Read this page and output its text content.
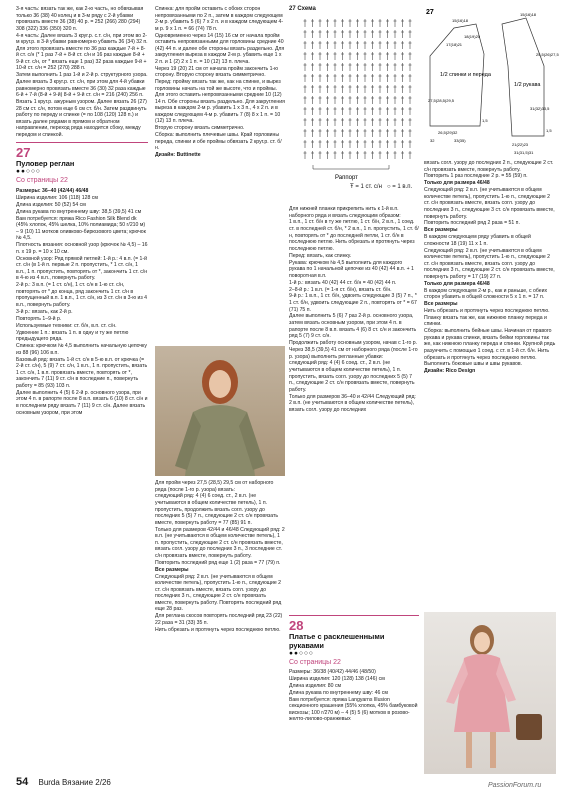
3-я часть: вязать так же, как 2-ю часть, но обвязывая только 36 (38) 40 колец и в 3-м ряду с 2-й убавки провязать вместе 36 (38) 40 р. = 252 (266) 280 (294) 308 (322) 336 (350) 320 п.

4-я часть: Далее вязать 3 круг.р. с.т. с/н, при этом во 2-м круг.р. в 3-й убавки равномерно убавить 36 (34) 32 п. Для этого провязать вместе по 36 раз каждые 7-й + 8-й ст. с/н (* 1 раз 7-й + 8-й ст. с/н и 16 раз каждые 8-й + 9-й ст. с/н, от * вязать еще 1 раз) 32 раза каждые 9-й + 10-й ст. с/н = 252 (270) 288 п.

Затем выполнить 1 раз 1-й и 2-й р. структурного узора.

Далее вязать 3 круг.р. ст. с/н, при этом для 4-й убавки равномерно провязать вместе 36 (30) 32 раза каждые 6-й + 7-й (8-й + 9-й) 8-й + 9-й ст. с/н = 216 (240) 256 п.

Вязать 1 круг.р. ажурным узором. Далее вязать 26 (27) 28 см ст. с/н, потом еще 6 см ст. б/н. Затем раздвинуть работу по переду и спинке (= по 108 (120) 128 п.) и вязать далее рядами в прямом и обратном направлении, переход ряда находится сбоку, между передом и спинкой.

27
Пуловер реглан
●●○○○
Со страницы 22

Размеры: 36–40 (42/44) 46/48

Ширина изделия: 106 (118) 128 см

Длина изделия: 50 (52) 54 см

Длина рукава по внутреннему шву: 38,5 (39,5) 41 см

Вам потребуется: пряжа Rico Fashion Silk Blend dk (45% хлопок, 45% шелка, 10% полиамида; 50 г/210 м) – 9 (10) 11 мотков оливково-бирюзового цвета; крючок № 4,5.

Плотность вязания: основной узор (крючок № 4,5) – 16 п. x 19 р. = 10 x 10 см.

Основной узор: Ряд прямой петлей: 1-й р.: 4 в.п. (= 1-й ст. с/н (в 1-й п. первые 2 п. пропустить, * 1 ст. с/н, 1 в.п., 1 п. пропустить, повторять от *, закончить 1 ст. с/н в 4-ю из 4 в.п., повернуть работу.

2-й р.: 3 в.п. (= 1 ст. с/н), 1 ст. с/н в 1-ю ст. с/н, повторять от * до конца, ряд закончить 1 ст. с/н в пропущенный в.п. 1 в.п., 1 ст. с/н, из 3 ст. с/н в 3-ю из 4 в.п., повернуть работу.

3-й р.: вязать, как 2-й р.

Повторять 1–9-й р.

Используемые техники: ст. б/н, в.п. ст. с/н.

Удвоение 1 п.: вязать 1 п. в одну и ту же петлю предыдущего ряда.

Спинка: крючком № 4,5 выполнить начальную цепочку из 88 (96) 106 в.п.

Базовый ряд: вязать 1-й ст. с/н в 5-ю в.п. от крючка (= 2-й ст. с/н), 5 (9) 7 ст. с/н, 1 в.п., 1 п. пропустить, вязать 1 ст. с/н, 1 в.п. провязать вместе, повторять от *, закончить 7 (11) 9 ст. с/н в последние п., повернуть работу = 85 (93) 103 п.

Далее выполнить 4 (5) 6 2-й р. основного узора, при этом 4 п. в рапорте после 8 в.п. вязать 6 (10) 8 ст. с/н и в последнем ряду вязать 7 (11) 9 ст. с/н. Далее вязать основным узором, при этом

Спинка: для пройм оставить с обоих сторон непровязанными по 2 п., затем в каждом следующем 2-м р. убавить 5 (6) 7 х 2 п. и в каждом следующем 4-м р. 9 x 1 п. = 66 (74) 78 п.

Одновременно через 14 (15) 16 см от начала пройм оставить непровязанными для горловины средние 40 (42) 44 п. и далее обе стороны вязать раздельно. Для закругления выреза в каждом 2-м р. убавить еще 1 x 2 п. и 1 (2) 2 х 1 п. = 10 (12) 13 п. плеча.

Через 19 (20) 21 см от начала пройм закончить 1-ю сторону. Вторую сторону вязать симметрично.

Перед: пройму вязать так же, как на спинке, и вырез горловины начать на той же высоте, что и проймы. Для этого оставить непровязанными средние 10 (12) 14 п. Обе стороны вязать раздельно. Для закругления выреза в каждом 2-м р. убавить 1 x 3 п., 4 x 2 п. и в каждом следующем 4-м р. убавить 7 (8) 8 х 1 п. = 10 (12) 13 п. плеча.

Вторую сторону вязать симметрично.

Сборка: выполнить плечевые швы. Край горловины переда, спинки и обе проймы обвязать 2 круг.р. ст. б/н.

Дизайн: Buttinette

Для пройм через 27,5 (28,5) 29,5 см от наборного ряда (после 1-го р. узора) вязать:

следующий ряд: 4 (4) 6 соед. ст., 2 в.п. (не учитываются в общем количестве петель), 1 п. пропустить, продолжить вязать согл. узору до последних 5 (5) 7 п., следующие 2 ст. с/н провязать вместе, повернуть работу = 77 (85) 91 п.

Только для размеров 42/44 и 46/48 Следующий ряд: 2 в.п. (не учитываются в общем количестве петель), 1 п. пропустить, следующие 2 ст. с/н провязать вместе, вязать согл. узору до последних 3 п., 3 последние ст. с/н провязать вместе, повернуть работу.

Повторить последний ряд еще 1 (2) раза = 77 (79) п.

Все размеры

Следующий ряд: 2 в.п. (не учитываются в общем количестве петель), пропустить 1-ю п., следующие 2 ст. с/н провязать вместе, вязать согл. узору до последних 3 п., следующие 2 ст. с/н провязать вместе, повернуть работу. Повторять последний ряд еще 28 раз.

Для реглана скосов повторять последний ряд 23 (22) 22 раза = 31 (33) 35 п.

Нить обрезать и протянуть через последнюю петлю.

27 Схема
Раппорт
Ŧ = 1 ст. с/н ○ = 1 в.п.

Для нижней планки прикрепить нить к 1-й в.п. наборного ряда и вязать следующим образом:

1 в.п., 1 ст. б/н в ту же петлю, 1 ст. б/н, 2 в.п., 1 соед. ст. в последней ст. б/н, * 2 в.п., 1 п. пропустить, 1 ст. б/н, повторять от * до последней петли, 1 ст. б/н в последнюю петлю. Нить обрезать и протянуть через последнюю петлю.

Перед: вязать, как спинку.

Рукава: крючком № 4,5 выполнить для каждого рукава по 1 начальной цепочке из 40 (42) 44 в.п. + 1 поворотная в.п.

1-й р.: вязать 40 (42) 44 ст. б/н = 40 (42) 44 п.

2–8-й р.: 1 в.п. (= 1-я ст. б/н), вязать ст. б/н.

9-й р.: 1 в.п., 1 ст. б/н, удвоить следующие 3 (5) 7 п., * 1 ст. б/н, удвоить следующие 2 п., повторять от * = 67 (71) 75 п.

Далее выполнить 5 (6) 7 раз 2-й р. основного узора, затем вязать основным узором, при этом 4 п. в рапорте после 8 в.п. вязать 4 (6) 8 ст. с/н и закончить ряд 5 (7) 9 ст. с/н.

Продолжить работу основным узором, начав с 1-го р.

Через 38,5 (39,5) 41 см от наборного ряда (после 1-го р. узора) выполнить регланные убавки:

следующий ряд: 4 (4) 6 соед. ст., 2 в.п. (не учитываются в общем количестве петель), 1 п. пропустить, вязать согл. узору до последних 5 (5) 7 п., следующие 2 ст. с/н провязать вместе, повернуть работу.

Только для размеров 36–40 и 42/44 Следующий ряд: 2 в.п. (не учитываются в общем количестве петель), вязать согл. узору до последних

28
Платье с расклешенными рукавами
●●○○○
Со страницы 22

Размеры: 36/38 (40/42) 44/46 (48/50)

Ширина изделия: 120 (128) 138 (146) см

Длина изделия: 80 см

Длина рукава по внутреннему шву: 46 см

Вам потребуется: пряжа Langyarns Illusion секционного крашения (55% хлопка, 45% бамбуковой вискозы; 100 г/270 м) – 4 (5) 5 (6) мотков в розово-желто-лилово-оранжевых

27
1/2 спинки и переда
1/2 рукава
15(16)18
17(18)21
18(19)20
27,5(28,5)29,5
26,5(29)32
1,5
32	33(35)
15(16)18
25,5(26)27,5
31(32)33,5
1,5
21(22)23
31(31,5)31

вязать согл. узору до последних 2 п., следующие 2 ст. с/н провязать вместе, повернуть работу.

Повторить 1 раз последние 2 р. = 55 (59) п.

Только для размера 46/48

Следующий ряд: 2 в.п. (не учитываются в общем количестве петель), пропустить 1-ю п., следующие 2 ст. с/н провязать вместе, вязать согл. узору до последних 3 п., следующие 3 ст. с/н провязать вместе, повернуть работу.

Повторить последний ряд 2 раза = 51 п.

Все размеры

В каждом следующем ряду убавить в общей сложности 18 (19) 11 x 1 п.

Следующий ряд: 2 в.п. (не учитываются в общем количестве петель), пропустить 1-ю п., следующие 2 ст. с/н провязать вместе, вязать согл. узору до последних 3 п., следующие 2 ст. с/н провязать вместе, повернуть работу = 17 (19) 27 п.

Только для размера 46/48

В каждом следующем 2-м р., как и раньше, с обеих сторон убавить в общей сложности 5 x 1 п. = 17 п.

Все размеры

Нить обрезать и протянуть через последнюю петлю. Планку вязать так же, как нижнюю планку переда и спинки.

Сборка: выполнить бейные швы. Начиная от правого рукава и рукава спинки, вязать бейки горловины так же, как нижнюю планку переда и спинки. Крупной рядь разунчить с помощью 1 соед. с ст. в 1-й ст. б/н. Нить обрезать и протянуть через последнюю петлю. Выполнить боковые швы и швы рукавов.

Дизайн: Rico Design

54 Burda Вязание 2/26	PassionForum.ru
